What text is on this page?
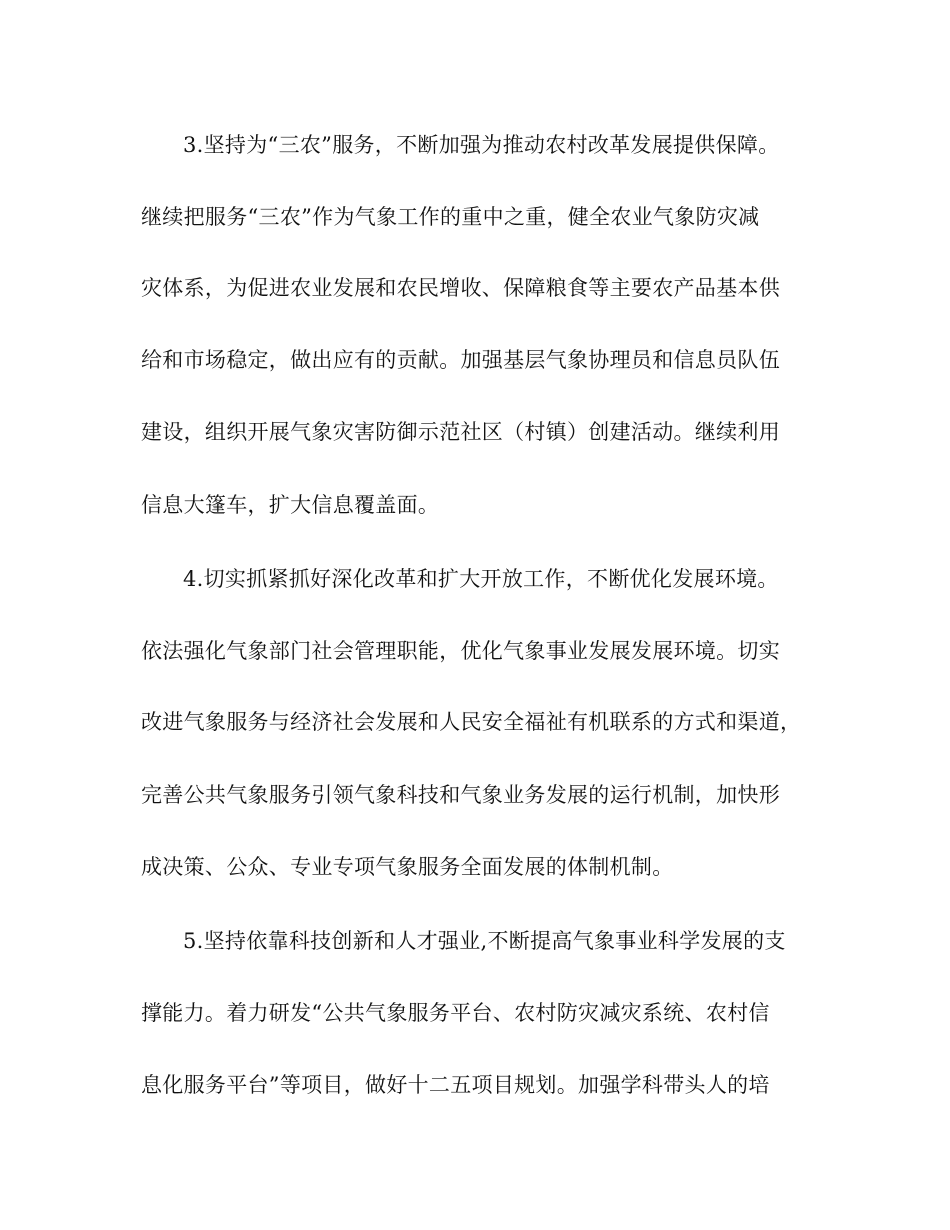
3.坚持为“三农”服务，不断加强为推动农村改革发展提供保障。
继续把服务“三农”作为气象工作的重中之重，健全农业气象防灾减
灾体系，为促进农业发展和农民增收、保障粮食等主要农产品基本供
给和市场稳定，做出应有的贡献。加强基层气象协理员和信息员队伍
建设，组织开展气象灾害防御示范社区（村镇）创建活动。继续利用
信息大篷车，扩大信息覆盖面。
4.切实抓紧抓好深化改革和扩大开放工作，不断优化发展环境。
依法强化气象部门社会管理职能，优化气象事业发展发展环境。切实
改进气象服务与经济社会发展和人民安全福祉有机联系的方式和渠道，
完善公共气象服务引领气象科技和气象业务发展的运行机制，加快形
成决策、公众、专业专项气象服务全面发展的体制机制。
5.坚持依靠科技创新和人才强业,不断提高气象事业科学发展的支
撑能力。着力研发“公共气象服务平台、农村防灾减灾系统、农村信
息化服务平台”等项目，做好十二五项目规划。加强学科带头人的培
